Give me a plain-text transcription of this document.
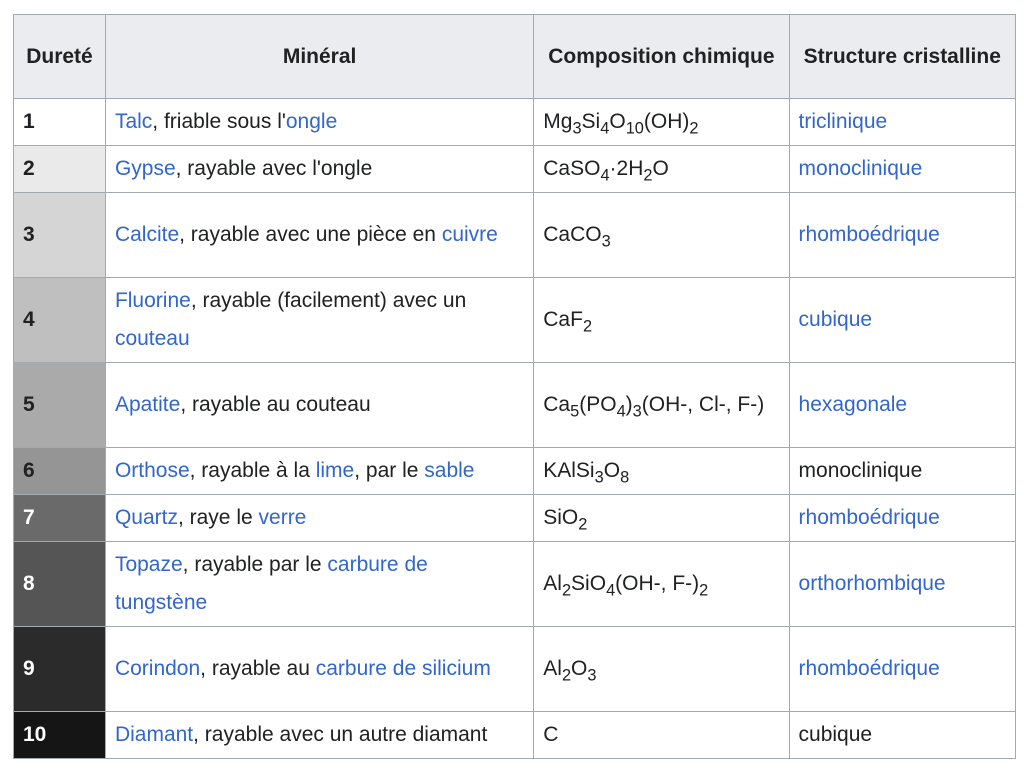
Dureté	Minéral	Composition chimique	Structure cristalline
1	Talc, friable sous l'ongle	$Mg_3Si_4O_{10}(OH)_2$	triclinique
2	Gypse, rayable avec l'ongle	$CaSO_4\cdot 2H_2O$	monoclinique
3	Calcite, rayable avec une pièce en cuivre	CaCO$_3$	rhomboédrique
4	Fluorine, rayable (facilement) avec un couteau	CaF$_2$	cubique
5	Apatite, rayable au couteau	$Ca_5(PO_4)_3(OH-$, Cl-, F-)	hexagonale
6	Orthose, rayable à la lime, par le sable	$KAlSi_3O_8$	monoclinique
7	Quartz, raye le verre	SiO$_2$	rhomboédrique
8	Topaze, rayable par le carbure de tungstène	$Al_2SiO_4(OH-$, $F-)_2$	orthorhombique
9	Corindon, rayable au carbure de silicium	$Al_2O_3$	rhomboédrique
10	Diamant, rayable avec un autre diamant	C	cubique
